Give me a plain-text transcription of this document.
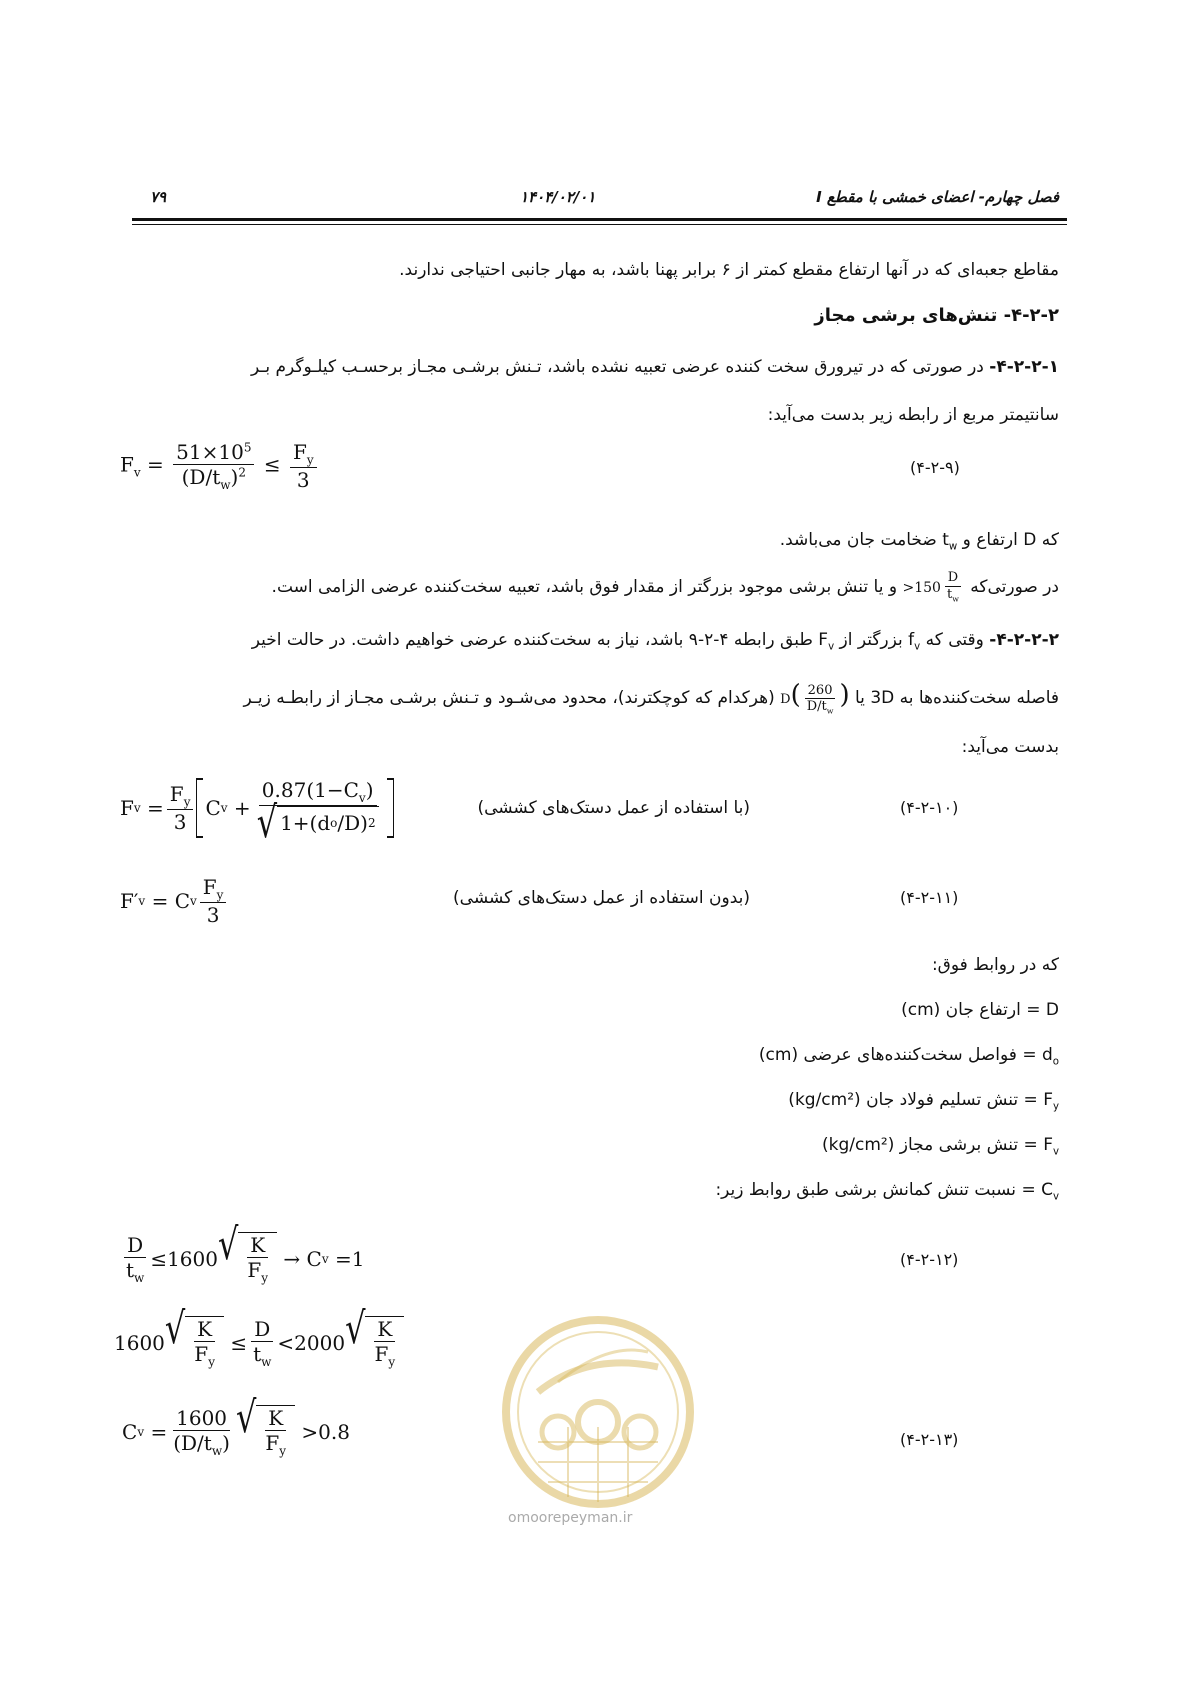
۷۹	۱۴۰۴/۰۲/۰۱	فصل چهارم- اعضای خمشی با مقطع I
مقاطع جعبه‌ای که در آنها ارتفاع مقطع کمتر از ۶ برابر پهنا باشد، به مهار جانبی احتیاجی ندارند.
۴-۲-۲- تنش‌های برشی مجاز
۴-۲-۲-۱- در صورتی که در تیرورق سخت کننده عرضی تعبیه نشده باشد، تـنش برشـی مجـاز برحسـب کیلـوگرم بـر
سانتیمتر مربع از رابطه زیر بدست می‌آید:
$F_v = \frac{51\times 10^5}{(D/t_w)^2} \le \frac{F_y}{3}$	(۴-۲-۹)
که D ارتفاع و $t_w$ ضخامت جان می‌باشد.
در صورتی‌که
$\frac{D}{t_w}$
>150 و یا تنش برشی موجود بزرگتر از مقدار فوق باشد، تعبیه سخت‌کننده عرضی الزامی است.
۴-۲-۲-۲- وقتی که $f_v$ بزرگتر از $F_v$ طبق رابطه ۴-۲-۹ باشد، نیاز به سخت‌کننده عرضی خواهیم داشت. در حالت اخیر
فاصله سخت‌کننده‌ها به 3D یا $D( \frac{260}{D/t_w}$ ) (هرکدام که کوچکترند)، محدود می‌شـود و تـنش برشـی مجـاز از رابطـه زیـر
بدست می‌آید:
F $v = \frac{F_y}{3}$ C v
+ $\frac{0.87(1-C_v)}{\text{√ 1+(d o /D) 2}}$	(با استفاده از عمل دستک‌های کششی)	(۴-۲-۱۰)
F′ v
=
C v $\frac{F_y}{3}$	(بدون استفاده از عمل دستک‌های کششی)	(۴-۲-۱۱)
که در روابط فوق:
D = ارتفاع جان (cm)
$d_o$ = فواصل سخت‌کننده‌های عرضی (cm)
$F_y$ = تنش تسلیم فولاد جان (kg/cm²)
$F_v$ = تنش برشی مجاز (kg/cm²)
$C_v$ = نسبت تنش کمانش برشی طبق روابط زیر:
$\frac{D}{t_w} \le 1600$ √ $\frac{K}{F_y}$
→
C v
=1	(۴-۲-۱۲)
1600 √ $\frac{K}{F_y}$
≤ $\frac{D}{t_w} <2000$ √ $\frac{K}{F_y}$
C v
= $\frac{1600}{(D/t_w)}$ √ $\frac{K}{F_y}$
>0.8	(۴-۲-۱۳)
omoorepeyman.ir
